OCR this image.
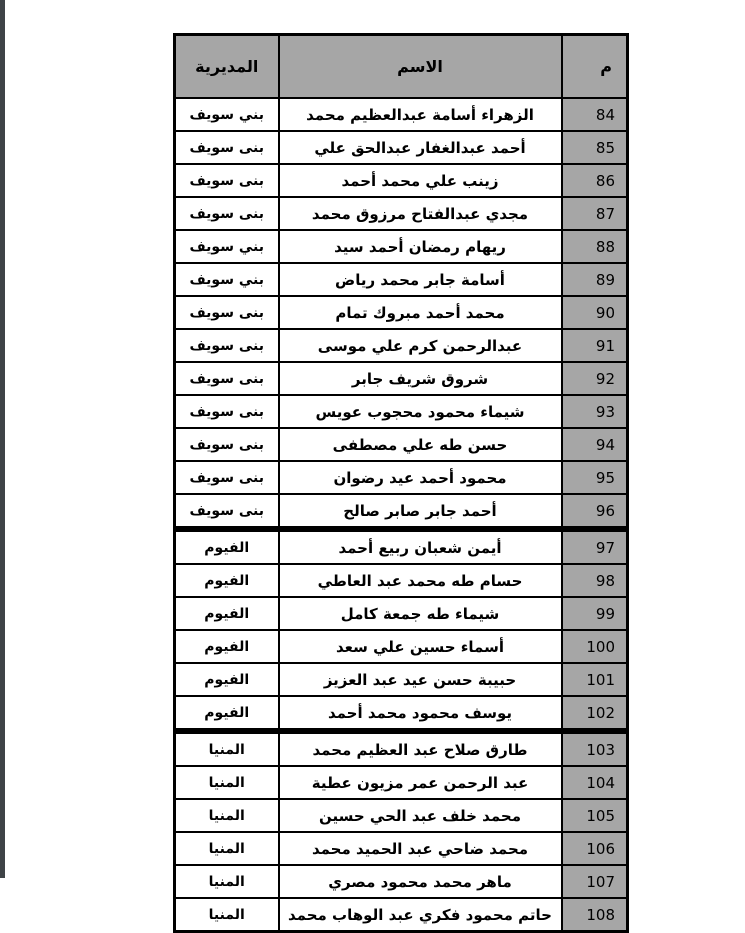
م	الاسم	المديرية
84	الزهراء أسامة عبدالعظيم محمد	بني سويف
85	أحمد عبدالغفار عبدالحق علي	بنى سويف
86	زينب علي محمد أحمد	بنى سويف
87	مجدي عبدالفتاح مرزوق محمد	بنى سويف
88	ريهام رمضان أحمد سيد	بني سويف
89	أسامة جابر محمد رياض	بني سويف
90	محمد أحمد مبروك تمام	بنى سويف
91	عبدالرحمن كرم علي موسى	بنى سويف
92	شروق شريف جابر	بنى سويف
93	شيماء محمود محجوب عويس	بنى سويف
94	حسن طه علي مصطفى	بنى سويف
95	محمود أحمد عيد رضوان	بنى سويف
96	أحمد جابر صابر صالح	بنى سويف
97	أيمن شعبان ربيع أحمد	الفيوم
98	حسام طه محمد عبد العاطي	الفيوم
99	شيماء طه جمعة كامل	الفيوم
100	أسماء حسين علي سعد	الفيوم
101	حبيبة حسن عيد عبد العزيز	الفيوم
102	يوسف محمود محمد أحمد	الفيوم
103	طارق صلاح عبد العظيم محمد	المنيا
104	عبد الرحمن عمر مزيون عطية	المنيا
105	محمد خلف عبد الحي حسين	المنيا
106	محمد ضاحي عبد الحميد محمد	المنيا
107	ماهر محمد محمود مصري	المنيا
108	حاتم محمود فكري عبد الوهاب محمد	المنيا
